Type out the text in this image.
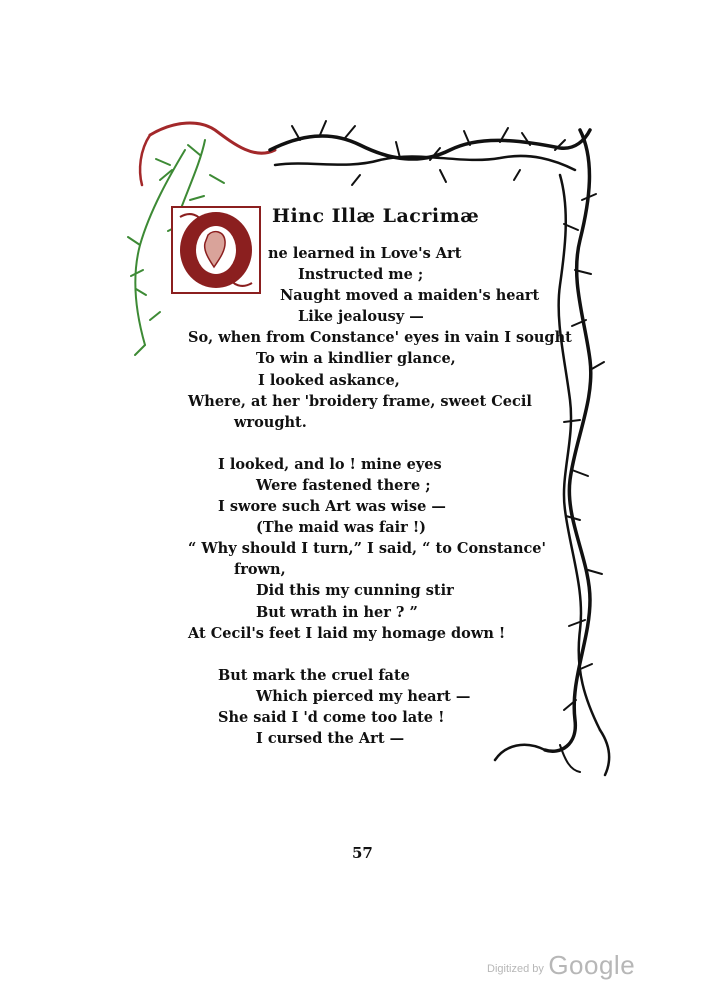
Hinc Illæ Lacrimæ
ne learned in Love's Art
Instructed me ;
Naught moved a maiden's heart
Like jealousy —
So, when from Constance' eyes in vain I sought
To win a kindlier glance,
I looked askance,
Where, at her 'broidery frame, sweet Cecil
wrought.
I looked, and lo ! mine eyes
Were fastened there ;
I swore such Art was wise —
(The maid was fair !)
“ Why should I turn,” I said, “ to Constance'
frown,
Did this my cunning stir
But wrath in her ? ”
At Cecil's feet I laid my homage down !
But mark the cruel fate
Which pierced my heart —
She said I 'd come too late !
I cursed the Art —
57
Digitized by Google
